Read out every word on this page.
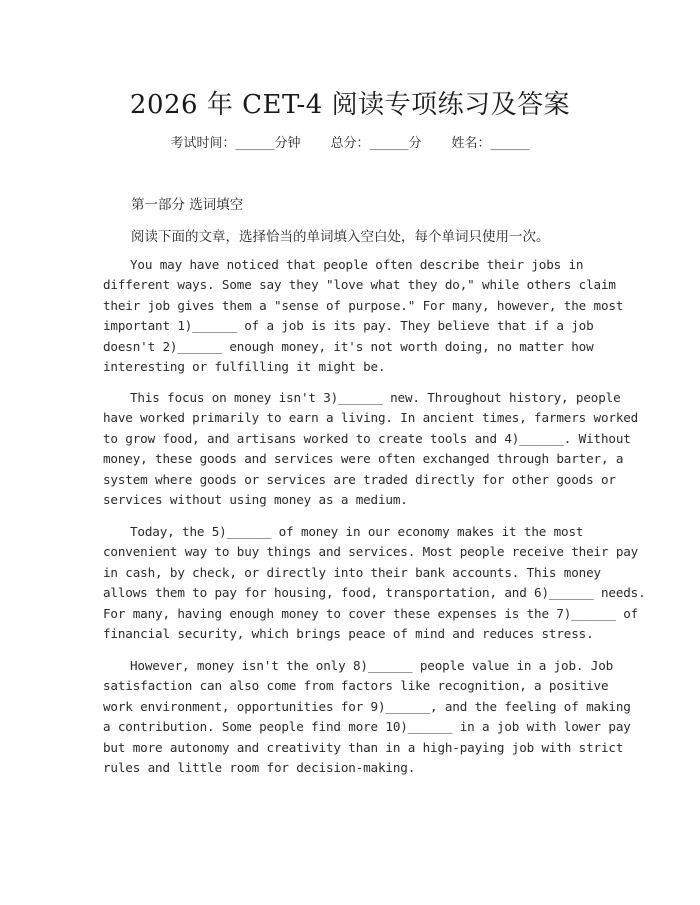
2026 年 CET-4 阅读专项练习及答案
考试时间：______分钟 总分：______分 姓名：______
第一部分 选词填空
阅读下面的文章，选择恰当的单词填入空白处，每个单词只使用一次。
You may have noticed that people often describe their jobs in
different ways. Some say they "love what they do," while others claim
their job gives them a "sense of purpose." For many, however, the most
important 1)______ of a job is its pay. They believe that if a job
doesn't 2)______ enough money, it's not worth doing, no matter how
interesting or fulfilling it might be.
This focus on money isn't 3)______ new. Throughout history, people
have worked primarily to earn a living. In ancient times, farmers worked
to grow food, and artisans worked to create tools and 4)______. Without
money, these goods and services were often exchanged through barter, a
system where goods or services are traded directly for other goods or
services without using money as a medium.
Today, the 5)______ of money in our economy makes it the most
convenient way to buy things and services. Most people receive their pay
in cash, by check, or directly into their bank accounts. This money
allows them to pay for housing, food, transportation, and 6)______ needs.
For many, having enough money to cover these expenses is the 7)______ of
financial security, which brings peace of mind and reduces stress.
However, money isn't the only 8)______ people value in a job. Job
satisfaction can also come from factors like recognition, a positive
work environment, opportunities for 9)______, and the feeling of making
a contribution. Some people find more 10)______ in a job with lower pay
but more autonomy and creativity than in a high-paying job with strict
rules and little room for decision-making.
